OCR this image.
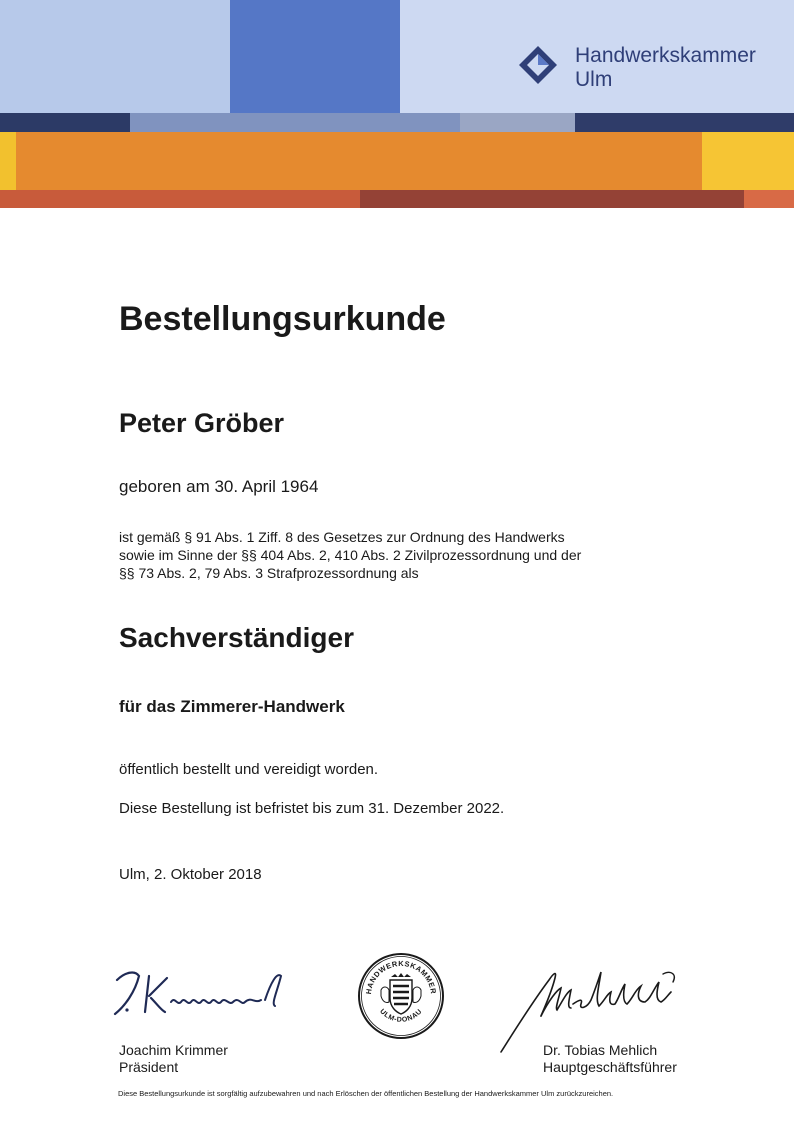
Handwerkskammer
Ulm
Bestellungsurkunde
Peter Gröber
geboren am 30. April 1964
ist gemäß § 91 Abs. 1 Ziff. 8 des Gesetzes zur Ordnung des Handwerks
sowie im Sinne der §§ 404 Abs. 2, 410 Abs. 2 Zivilprozessordnung und der
§§ 73 Abs. 2, 79 Abs. 3 Strafprozessordnung als
Sachverständiger
für das Zimmerer-Handwerk
öffentlich bestellt und vereidigt worden.
Diese Bestellung ist befristet bis zum 31. Dezember 2022.
Ulm, 2. Oktober 2018
Joachim Krimmer
Präsident
HANDWERKSKAMMER
ULM-DONAU
Dr. Tobias Mehlich
Hauptgeschäftsführer
Diese Bestellungsurkunde ist sorgfältig aufzubewahren und nach Erlöschen der öffentlichen Bestellung der Handwerkskammer Ulm zurückzureichen.
